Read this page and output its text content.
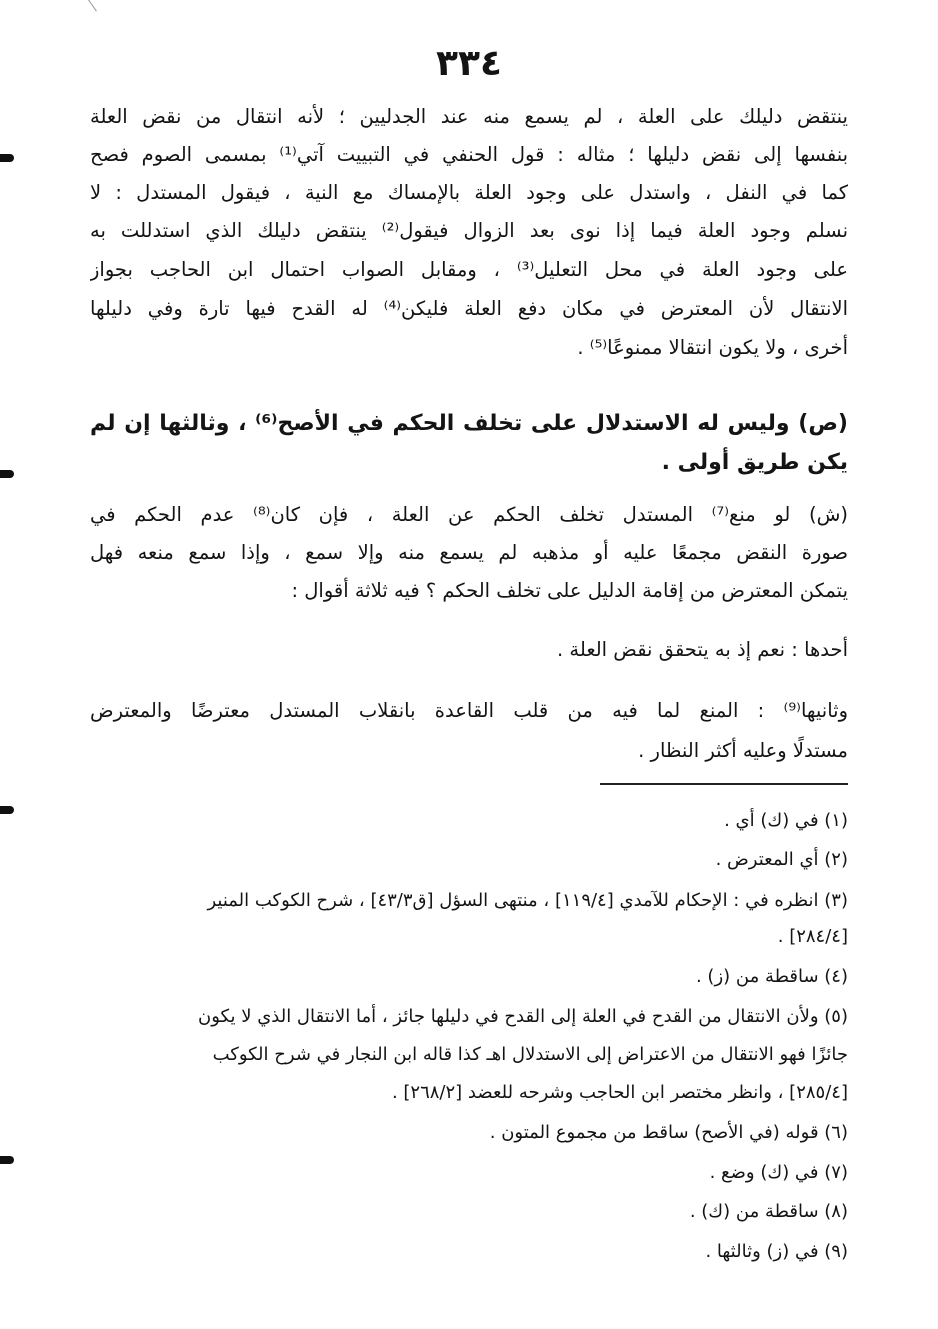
٣٣٤
ينتقض دليلك على العلة ، لم يسمع منه عند الجدليين ؛ لأنه انتقال من نقض العلة
بنفسها إلى نقض دليلها ؛ مثاله : قول الحنفي في التبييت آتي⁽¹⁾ بمسمى الصوم فصح
كما في النفل ، واستدل على وجود العلة بالإمساك مع النية ، فيقول المستدل : لا
نسلم وجود العلة فيما إذا نوى بعد الزوال فيقول⁽²⁾ ينتقض دليلك الذي استدللت به
على وجود العلة في محل التعليل⁽³⁾ ، ومقابل الصواب احتمال ابن الحاجب بجواز
الانتقال لأن المعترض في مكان دفع العلة فليكن⁽⁴⁾ له القدح فيها تارة وفي دليلها
أخرى ، ولا يكون انتقالا ممنوعًا⁽⁵⁾ .
(ص) وليس له الاستدلال على تخلف الحكم في الأصح⁽⁶⁾ ، وثالثها إن لم
يكن طريق أولى .
(ش) لو منع⁽⁷⁾ المستدل تخلف الحكم عن العلة ، فإن كان⁽⁸⁾ عدم الحكم في
صورة النقض مجمعًا عليه أو مذهبه لم يسمع منه وإلا سمع ، وإذا سمع منعه فهل
يتمكن المعترض من إقامة الدليل على تخلف الحكم ؟ فيه ثلاثة أقوال :
أحدها : نعم إذ به يتحقق نقض العلة .
وثانيها⁽⁹⁾ : المنع لما فيه من قلب القاعدة بانقلاب المستدل معترضًا والمعترض
مستدلًا وعليه أكثر النظار .
(١) في (ك) أي .
(٢) أي المعترض .
(٣) انظره في : الإحكام للآمدي [١١٩/٤] ، منتهى السؤل [ق٤٣/٣] ، شرح الكوكب المنير
[٢٨٤/٤] .
(٤) ساقطة من (ز) .
(٥) ولأن الانتقال من القدح في العلة إلى القدح في دليلها جائز ، أما الانتقال الذي لا يكون
جائزًا فهو الانتقال من الاعتراض إلى الاستدلال اهـ كذا قاله ابن النجار في شرح الكوكب
[٢٨٥/٤] ، وانظر مختصر ابن الحاجب وشرحه للعضد [٢٦٨/٢] .
(٦) قوله (في الأصح) ساقط من مجموع المتون .
(٧) في (ك) وضع .
(٨) ساقطة من (ك) .
(٩) في (ز) وثالثها .
